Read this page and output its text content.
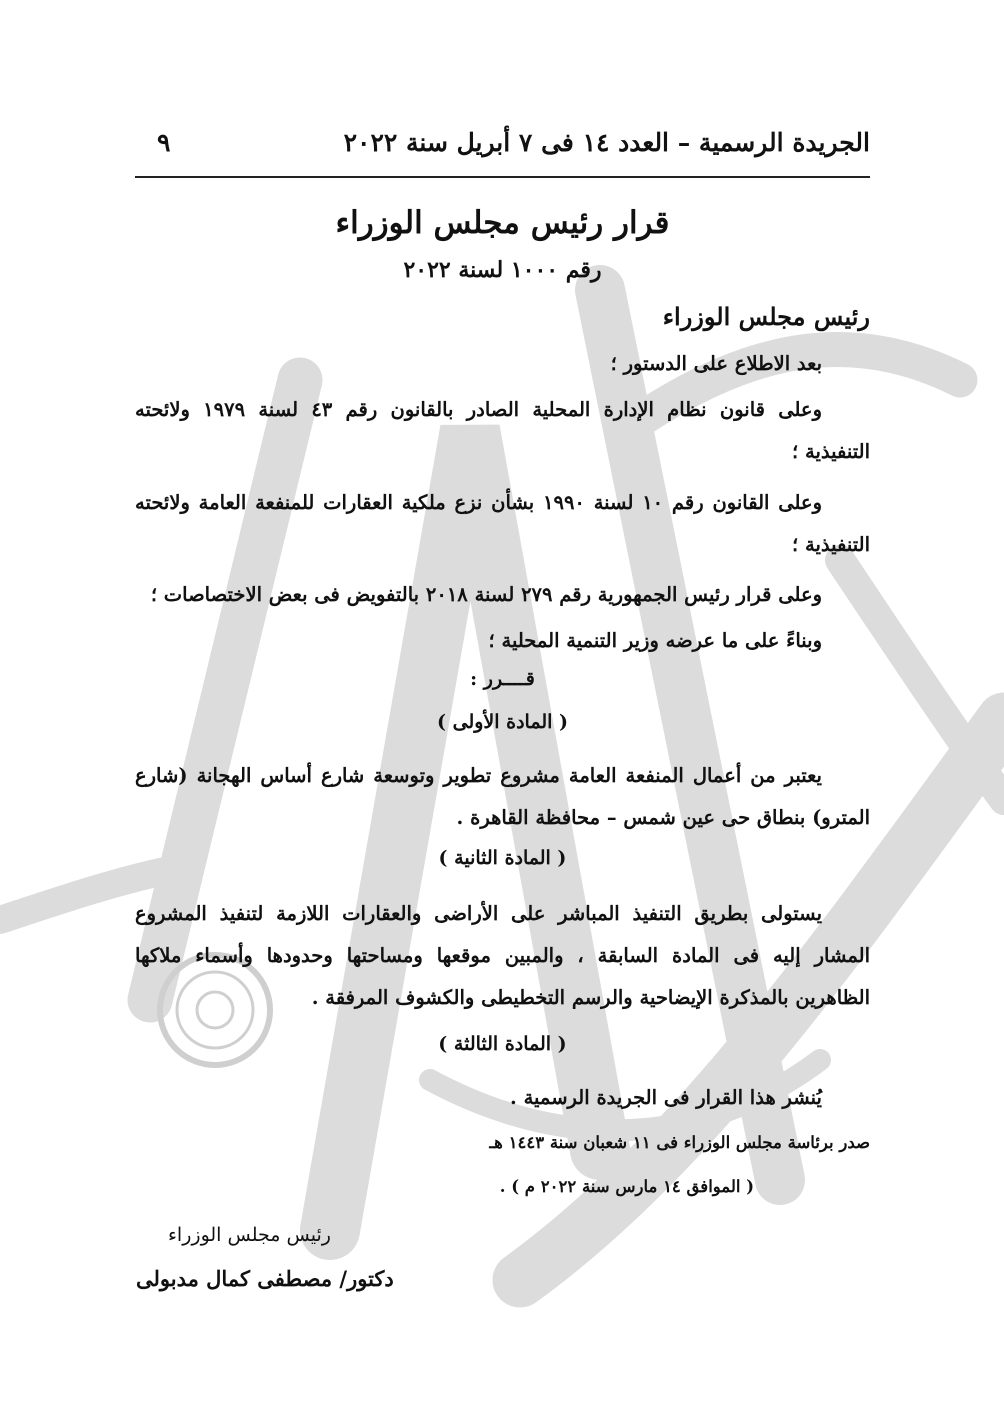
الجريدة الرسمية – العدد ١٤ فى ٧ أبريل سنة ٢٠٢٢
٩
قرار رئيس مجلس الوزراء
رقم ١٠٠٠ لسنة ٢٠٢٢
رئيس مجلس الوزراء
بعد الاطلاع على الدستور ؛
وعلى قانون نظام الإدارة المحلية الصادر بالقانون رقم ٤٣ لسنة ١٩٧٩ ولائحته التنفيذية ؛
وعلى القانون رقم ١٠ لسنة ١٩٩٠ بشأن نزع ملكية العقارات للمنفعة العامة ولائحته التنفيذية ؛
وعلى قرار رئيس الجمهورية رقم ٢٧٩ لسنة ٢٠١٨ بالتفويض فى بعض الاختصاصات ؛
وبناءً على ما عرضه وزير التنمية المحلية ؛
قــــرر :
( المادة الأولى )
يعتبر من أعمال المنفعة العامة مشروع تطوير وتوسعة شارع أساس الهجانة (شارع المترو) بنطاق حى عين شمس – محافظة القاهرة .
( المادة الثانية )
يستولى بطريق التنفيذ المباشر على الأراضى والعقارات اللازمة لتنفيذ المشروع المشار إليه فى المادة السابقة ، والمبين موقعها ومساحتها وحدودها وأسماء ملاكها الظاهرين بالمذكرة الإيضاحية والرسم التخطيطى والكشوف المرفقة .
( المادة الثالثة )
يُنشر هذا القرار فى الجريدة الرسمية .
صدر برئاسة مجلس الوزراء فى ١١ شعبان سنة ١٤٤٣ هـ
( الموافق ١٤ مارس سنة ٢٠٢٢ م ) .
رئيس مجلس الوزراء
دكتور/ مصطفى كمال مدبولى
